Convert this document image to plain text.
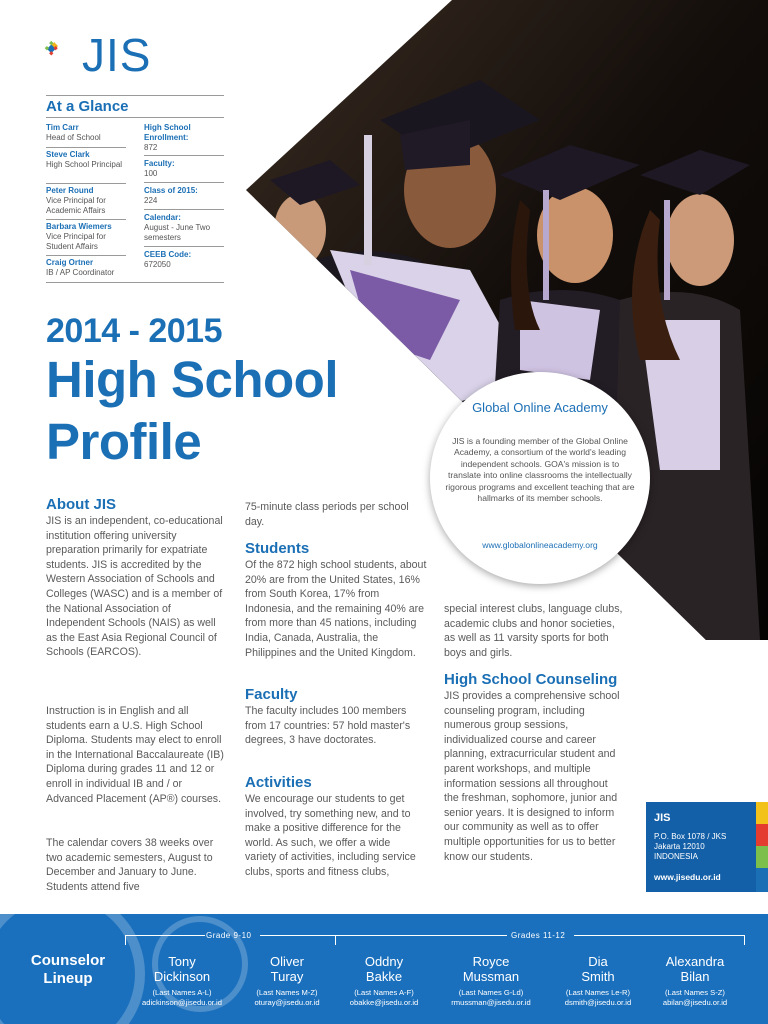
JIS
At a Glance
Tim Carr
Head of School
Steve Clark
High School Principal
Peter Round
Vice Principal for Academic Affairs
Barbara Wiemers
Vice Principal for Student Affairs
Craig Ortner
IB / AP Coordinator
High School Enrollment:
872
Faculty:
100
Class of 2015:
224
Calendar:
August - June Two semesters
CEEB Code:
672050
2014 - 2015
High School
Profile
About JIS
JIS is an independent, co-educational institution offering university preparation primarily for expatriate students. JIS is accredited by the Western Association of Schools and Colleges (WASC) and is a member of the National Association of Independent Schools (NAIS) as well as the East Asia Regional Council of Schools (EARCOS).
Instruction is in English and all students earn a U.S. High School Diploma. Students may elect to enroll in the International Baccalaureate (IB) Diploma during grades 11 and 12 or enroll in individual IB and / or Advanced Placement (AP®) courses.
The calendar covers 38 weeks over two academic semesters, August to December and January to June. Students attend five
75-minute class periods per school day.
Students
Of the 872 high school students, about 20% are from the United States, 16% from South Korea, 17% from Indonesia, and the remaining 40% are from more than 45 nations, including India, Canada, Australia, the Philippines and the United Kingdom.
Faculty
The faculty includes 100 members from 17 countries: 57 hold master's degrees, 3 have doctorates.
Activities
We encourage our students to get involved, try something new, and to make a positive difference for the world. As such, we offer a wide variety of activities, including service clubs, sports and fitness clubs,
special interest clubs, language clubs, academic clubs and honor societies, as well as 11 varsity sports for both boys and girls.
High School Counseling
JIS provides a comprehensive school counseling program, including numerous group sessions, individualized course and career planning, extracurricular student and parent workshops, and multiple information sessions all throughout the freshman, sophomore, junior and senior years. It is designed to inform our community as well as to offer multiple opportunities for us to better know our students.
Global Online Academy
JIS is a founding member of the Global Online Academy, a consortium of the world's leading independent schools. GOA's mission is to translate into online classrooms the intellectually rigorous programs and excellent teaching that are hallmarks of its member schools.
www.globalonlineacademy.org
JIS
P.O. Box 1078 / JKS
Jakarta 12010
INDONESIA
www.jisedu.or.id
Counselor Lineup
Grade 9-10	Grades 11-12
Tony
Dickinson
(Last Names A-L)
adickinson@jisedu.or.id
Oliver
Turay
(Last Names M-Z)
oturay@jisedu.or.id
Oddny
Bakke
(Last Names A-F)
obakke@jisedu.or.id
Royce
Mussman
(Last Names G-Ld)
rmussman@jisedu.or.id
Dia
Smith
(Last Names Le-R)
dsmith@jisedu.or.id
Alexandra
Bilan
(Last Names S-Z)
abilan@jisedu.or.id
